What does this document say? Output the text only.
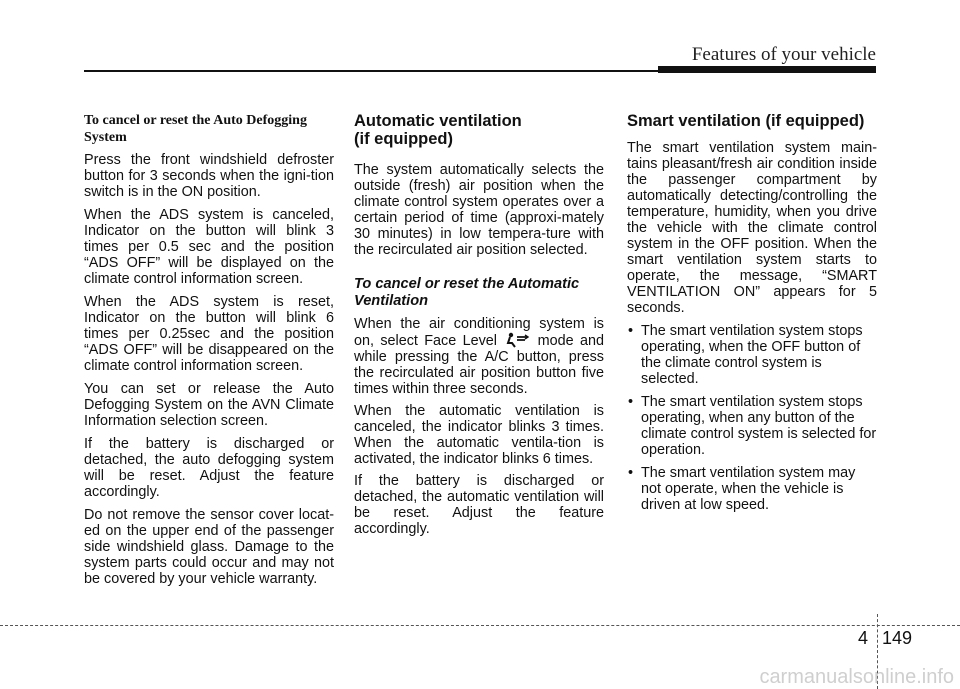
Features of your vehicle
To cancel or reset the Auto Defogging System

Press the front windshield defroster button for 3 seconds when the igni-tion switch is in the ON position.

When the ADS system is canceled, Indicator on the button will blink 3 times per 0.5 sec and the position “ADS OFF” will be displayed on the climate control information screen.

When the ADS system is reset, Indicator on the button will blink 6 times per 0.25sec and the position “ADS OFF” will be disappeared on the climate control information screen.

You can set or release the Auto Defogging System on the AVN Climate Information selection screen.

If the battery is discharged or detached, the auto defogging system will be reset. Adjust the feature accordingly.

Do not remove the sensor cover locat-ed on the upper end of the passenger side windshield glass. Damage to the system parts could occur and may not be covered by your vehicle warranty.

Automatic ventilation
(if equipped)

The system automatically selects the outside (fresh) air position when the climate control system operates over a certain period of time (approxi-mately 30 minutes) in low tempera-ture with the recirculated air position selected.

To cancel or reset the Automatic
Ventilation

When the air conditioning system is on, select Face Level	mode and while pressing the A/C button, press the recirculated air position button five times within three seconds.

When the automatic ventilation is canceled, the indicator blinks 3 times. When the automatic ventila-tion is activated, the indicator blinks 6 times.

If the battery is discharged or detached, the automatic ventilation will be reset. Adjust the feature accordingly.

Smart ventilation (if equipped)

The smart ventilation system main-tains pleasant/fresh air condition inside the passenger compartment by automatically detecting/controlling the temperature, humidity, when you drive the vehicle with the climate control system in the OFF position. When the smart ventilation system starts to operate, the message, “SMART VENTILATION ON” appears for 5 seconds.

• The smart ventilation system stops operating, when the OFF button of the climate control system is selected.
• The smart ventilation system stops operating, when any button of the climate control system is selected for operation.
• The smart ventilation system may not operate, when the vehicle is driven at low speed.
4 149
carmanualsonline.info
